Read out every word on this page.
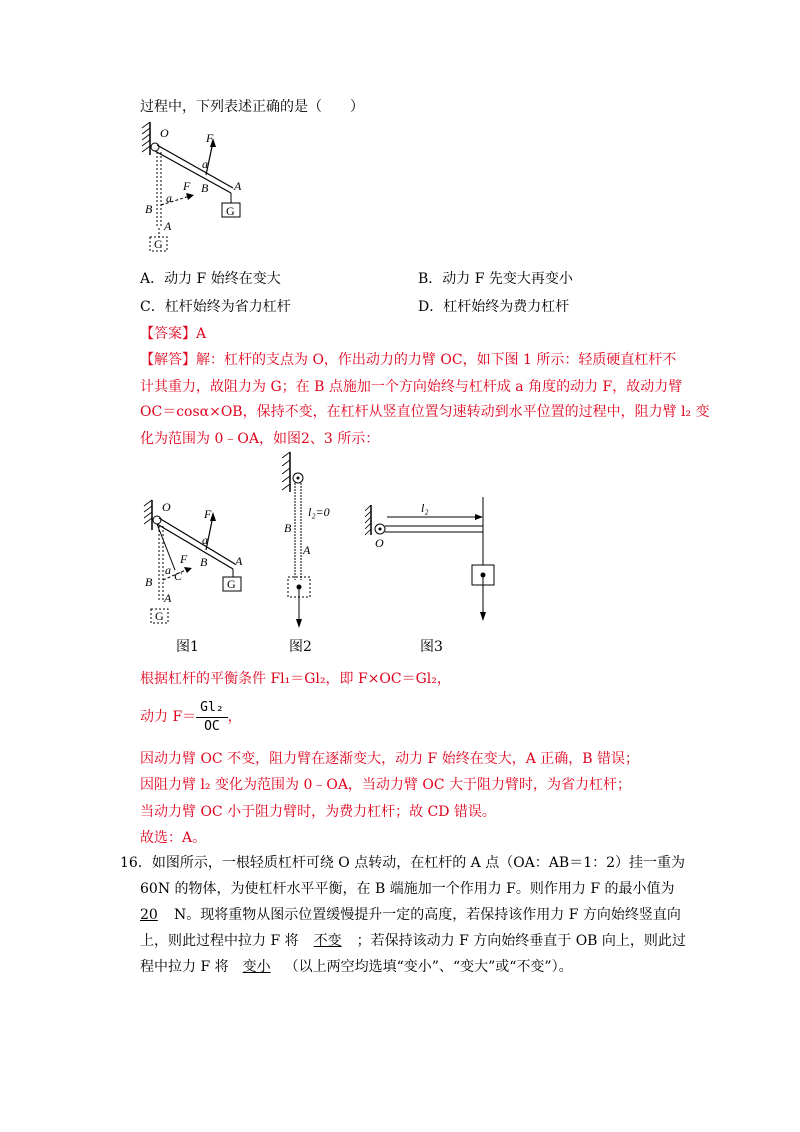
过程中，下列表述正确的是（　　）
O	F
a
B A
G
F
a
B
A
G
A．动力 F 始终在变大	B．动力 F 先变大再变小
C．杠杆始终为省力杠杆	D．杠杆始终为费力杠杆
【答案】A
【解答】解：杠杆的支点为 O，作出动力的力臂 OC，如下图 1 所示：轻质硬直杠杆不
计其重力，故阻力为 G；在 B 点施加一个方向始终与杠杆成 a 角度的动力 F，故动力臂
OC＝cosα×OB，保持不变，在杠杆从竖直位置匀速转动到水平位置的过程中，阻力臂 l₂ 变
化为范围为 0﹣OA，如图2、3 所示：
O	F
a
B A
G
F
C
a
B
A
G
l₂=0
B
A
l₂
O
图1	图2	图3
根据杠杆的平衡条件 Fl₁＝Gl₂，即 F×OC＝Gl₂，
动力 $F= \frac{\text{Gl₂}}{OC}$ ，
因动力臂 OC 不变，阻力臂在逐渐变大，动力 F 始终在变大，A 正确，B 错误；
因阻力臂 l₂ 变化为范围为 0﹣OA，当动力臂 OC 大于阻力臂时，为省力杠杆；
当动力臂 OC 小于阻力臂时，为费力杠杆；故 CD 错误。
故选：A。
16．如图所示，一根轻质杠杆可绕 O 点转动，在杠杆的 A 点（OA：AB＝1：2）挂一重为
60N 的物体，为使杠杆水平平衡，在 B 端施加一个作用力 F。则作用力 F 的最小值为
20 N。现将重物从图示位置缓慢提升一定的高度，若保持该作用力 F 方向始终竖直向
上，则此过程中拉力 F 将 不变 ；若保持该动力 F 方向始终垂直于 OB 向上，则此过
程中拉力 F 将 变小 （以上两空均选填“变小”、“变大”或“不变”）。
